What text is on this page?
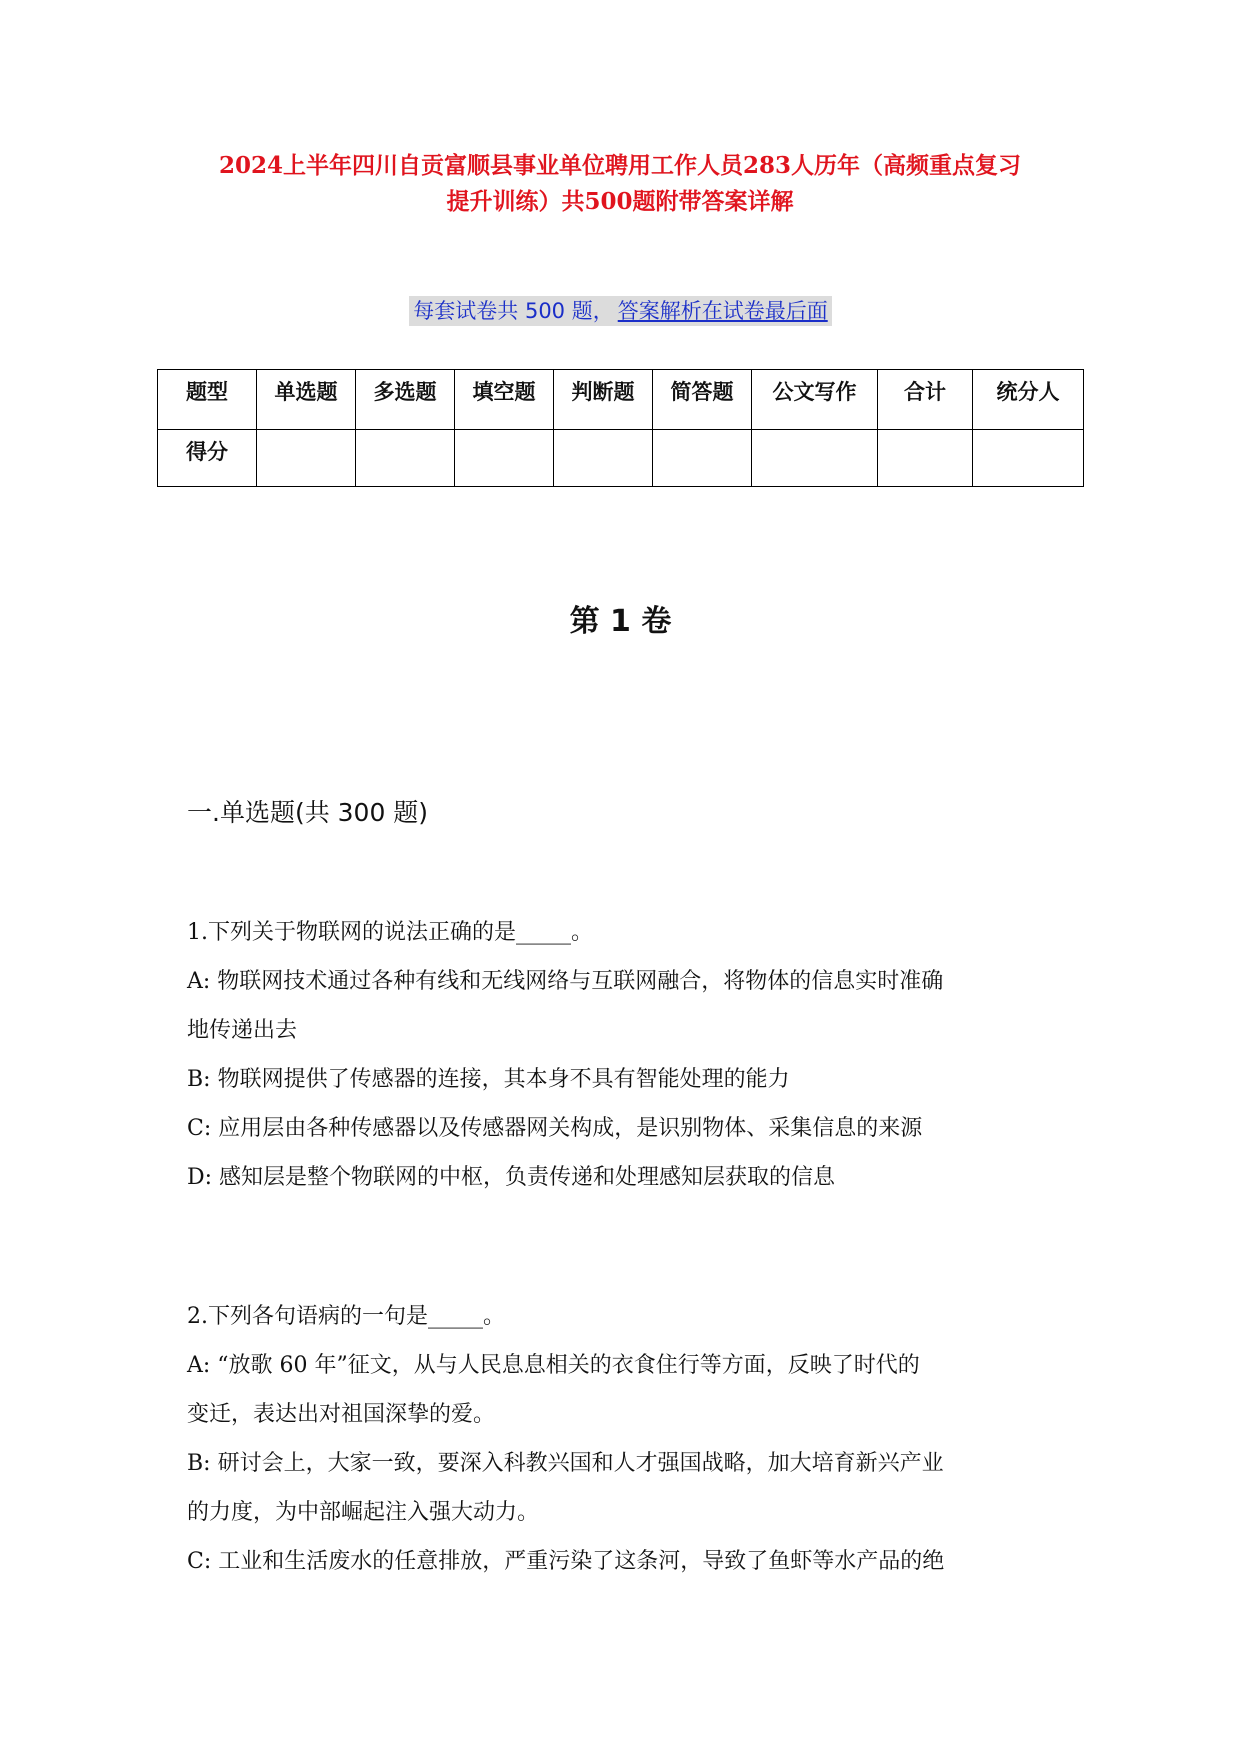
2024上半年四川自贡富顺县事业单位聘用工作人员283人历年（高频重点复习
提升训练）共500题附带答案详解
每套试卷共 500 题， 答案解析在试卷最后面
题型	单选题	多选题	填空题	判断题	简答题	公文写作	合计	统分人
得分								
第 1 卷
一.单选题(共 300 题)
1.下列关于物联网的说法正确的是_____。
A: 物联网技术通过各种有线和无线网络与互联网融合，将物体的信息实时准确
地传递出去
B: 物联网提供了传感器的连接，其本身不具有智能处理的能力
C: 应用层由各种传感器以及传感器网关构成，是识别物体、采集信息的来源
D: 感知层是整个物联网的中枢，负责传递和处理感知层获取的信息
2.下列各句语病的一句是_____。
A: “放歌 60 年”征文，从与人民息息相关的衣食住行等方面，反映了时代的
变迁，表达出对祖国深挚的爱。
B: 研讨会上，大家一致，要深入科教兴国和人才强国战略，加大培育新兴产业
的力度，为中部崛起注入强大动力。
C: 工业和生活废水的任意排放，严重污染了这条河，导致了鱼虾等水产品的绝
